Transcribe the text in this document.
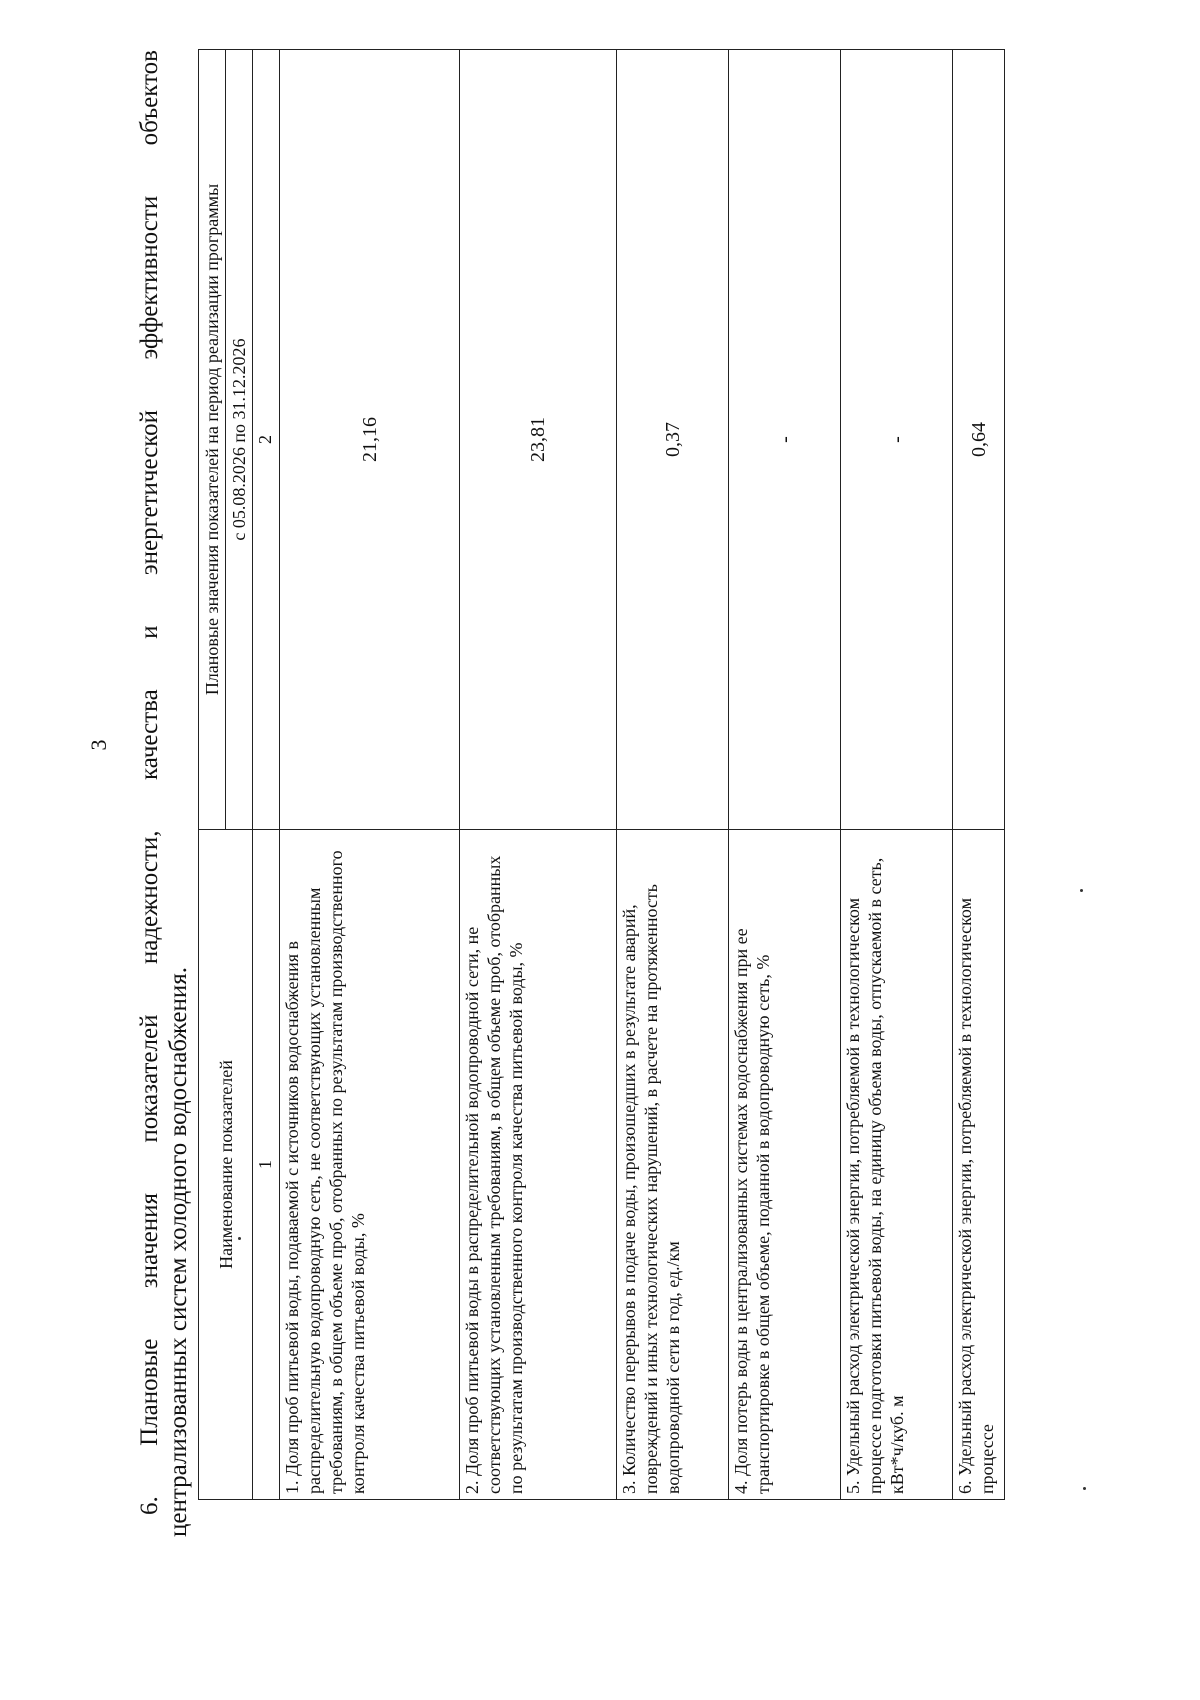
3
6.
Плановые
значения
показателей
надежности,
качества
и
энергетической
эффективности
объектов
централизованных систем холодного водоснабжения. Наименование показателей	Плановые значения показателей на период реализации программы
	с 05.08.2026 по 31.12.2026
1	2
1. Доля проб питьевой воды, подаваемой с источников водоснабжения в распределительную водопроводную сеть, не соответствующих установленным требованиям, в общем объеме проб, отобранных по результатам производственного контроля качества питьевой воды, %	21,16
2. Доля проб питьевой воды в распределительной водопроводной сети, не соответствующих установленным требованиям, в общем объеме проб, отобранных по результатам производственного контроля качества питьевой воды, %	23,81
3. Количество перерывов в подаче воды, произошедших в результате аварий, повреждений и иных технологических нарушений, в расчете на протяженность водопроводной сети в год, ед./км	0,37
4. Доля потерь воды в централизованных системах водоснабжения при ее транспортировке в общем объеме, поданной в водопроводную сеть, %	-
5. Удельный расход электрической энергии, потребляемой в технологическом процессе подготовки питьевой воды, на единицу объема воды, отпускаемой в сеть, кВт*ч/куб. м	-
6. Удельный расход электрической энергии, потребляемой в технологическом процессе	0,64
